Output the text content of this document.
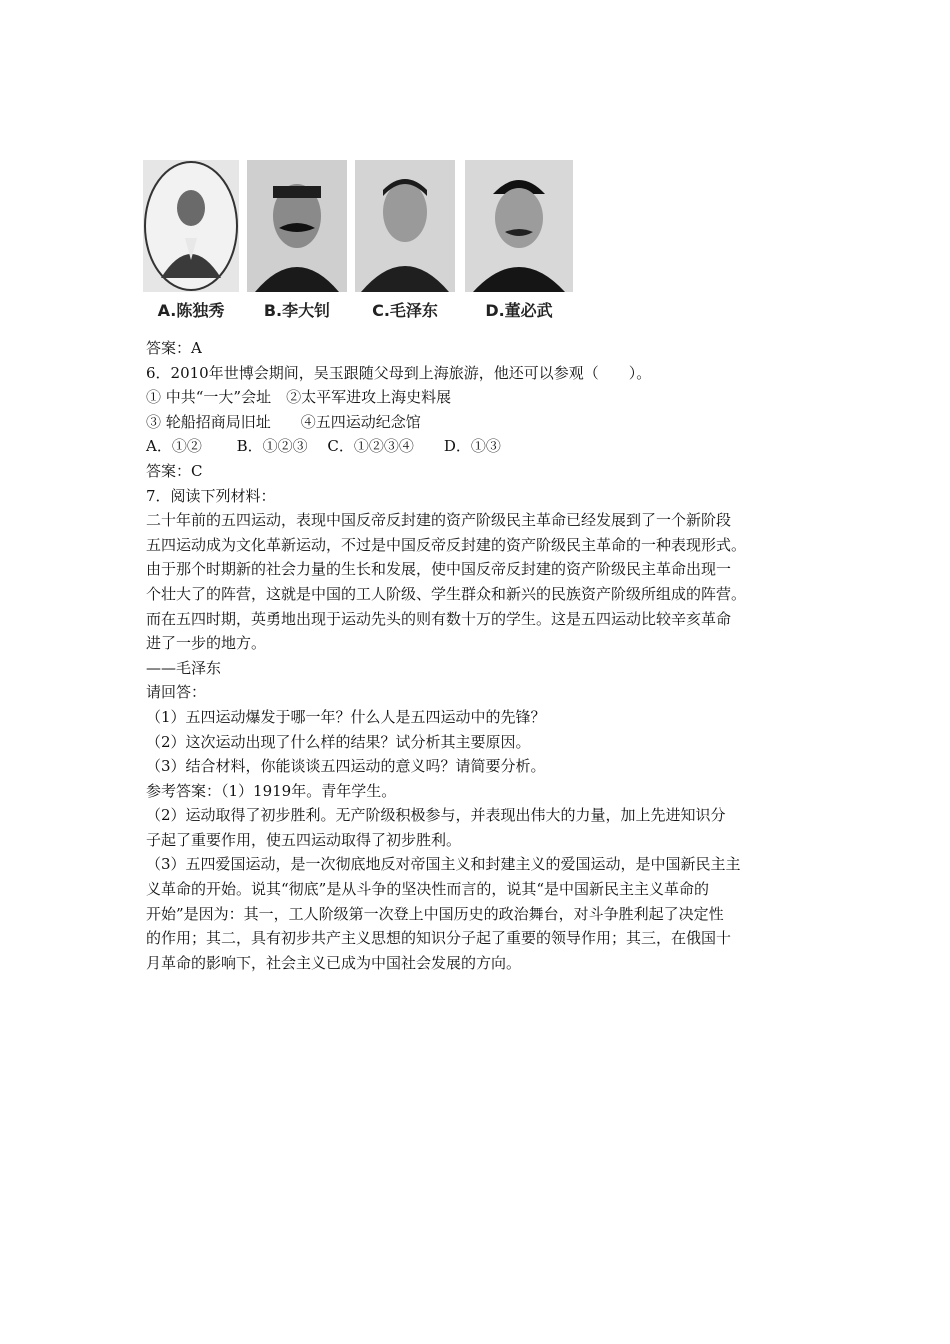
A.陈独秀	B.李大钊	C.毛泽东	D.董必武
答案：A
6．2010年世博会期间，吴玉跟随父母到上海旅游，他还可以参观（　　）。
① 中共“一大”会址　②太平军进攻上海史料展
③ 轮船招商局旧址　　④五四运动纪念馆
A．①②　　 B．①②③　 C．①②③④　　D．①③
答案：C
7．阅读下列材料：
二十年前的五四运动，表现中国反帝反封建的资产阶级民主革命已经发展到了一个新阶段
五四运动成为文化革新运动，不过是中国反帝反封建的资产阶级民主革命的一种表现形式。
由于那个时期新的社会力量的生长和发展，使中国反帝反封建的资产阶级民主革命出现一
个壮大了的阵营，这就是中国的工人阶级、学生群众和新兴的民族资产阶级所组成的阵营。
而在五四时期，英勇地出现于运动先头的则有数十万的学生。这是五四运动比较辛亥革命
进了一步的地方。
——毛泽东
请回答：
（1）五四运动爆发于哪一年？什么人是五四运动中的先锋？
（2）这次运动出现了什么样的结果？试分析其主要原因。
（3）结合材料，你能谈谈五四运动的意义吗？请简要分析。
参考答案：（1）1919年。青年学生。
（2）运动取得了初步胜利。无产阶级积极参与，并表现出伟大的力量，加上先进知识分
子起了重要作用，使五四运动取得了初步胜利。
（3）五四爱国运动，是一次彻底地反对帝国主义和封建主义的爱国运动，是中国新民主主
义革命的开始。说其“彻底”是从斗争的坚决性而言的，说其“是中国新民主主义革命的
开始”是因为：其一，工人阶级第一次登上中国历史的政治舞台，对斗争胜利起了决定性
的作用；其二，具有初步共产主义思想的知识分子起了重要的领导作用；其三，在俄国十
月革命的影响下，社会主义已成为中国社会发展的方向。
